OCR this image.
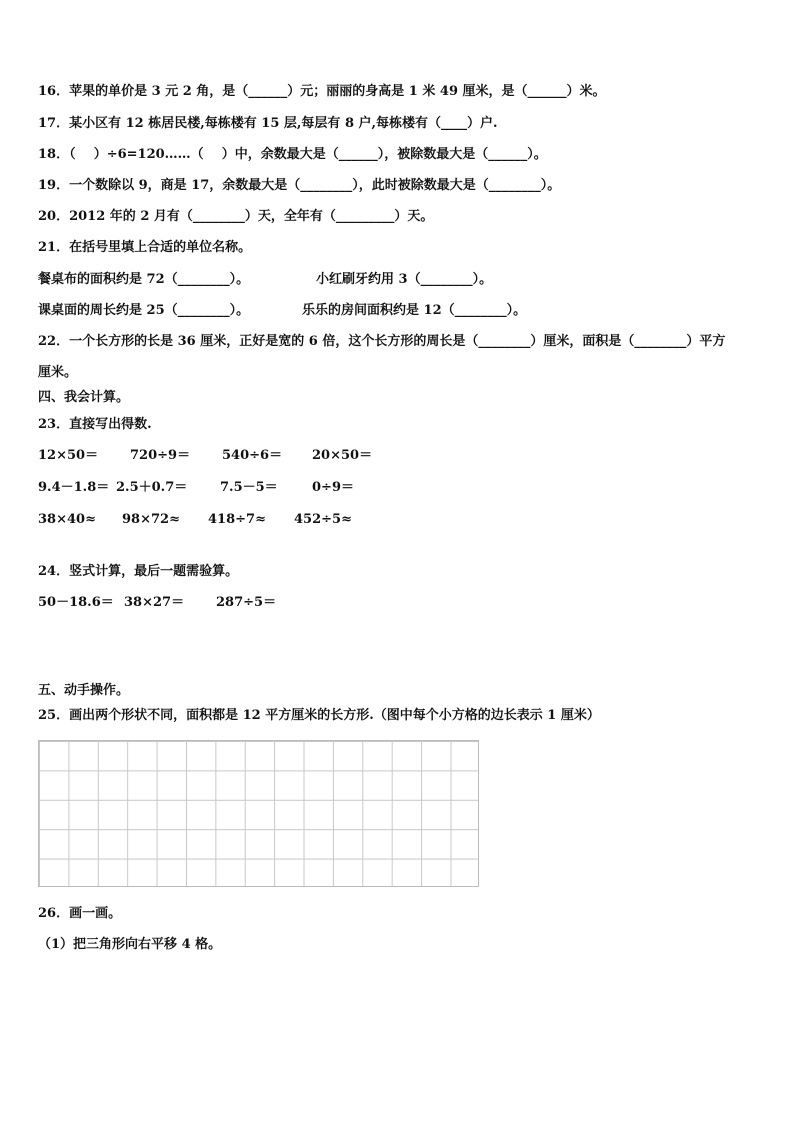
16．苹果的单价是 3 元 2 角，是（______）元；丽丽的身高是 1 米 49 厘米，是（______）米。
17．某小区有 12 栋居民楼,每栋楼有 15 层,每层有 8 户,每栋楼有（____）户.
18．（    ）÷6=120……（    ）中，余数最大是（______），被除数最大是（______）。
19．一个数除以 9，商是 17，余数最大是（________），此时被除数最大是（________）。
20．2012 年的 2 月有（________）天，全年有（_________）天。
21．在括号里填上合适的单位名称。
餐桌布的面积约是 72（________）。	小红刷牙约用 3（________）。
课桌面的周长约是 25（________）。	乐乐的房间面积约是 12（________）。
22．一个长方形的长是 36 厘米，正好是宽的 6 倍，这个长方形的周长是（________）厘米，面积是（________）平方
厘米。
四、我会计算。
23．直接写出得数.
12×50＝ 720÷9＝ 540÷6＝ 20×50＝
9.4－1.8＝ 2.5＋0.7＝	7.5－5＝	0÷9＝
38×40≈ 98×72≈ 418÷7≈ 452÷5≈
24．竖式计算，最后一题需验算。
50－18.6＝ 38×27＝ 287÷5＝
五、动手操作。
25．画出两个形状不同，面积都是 12 平方厘米的长方形.（图中每个小方格的边长表示 1 厘米）
26．画一画。
（1）把三角形向右平移 4 格。
